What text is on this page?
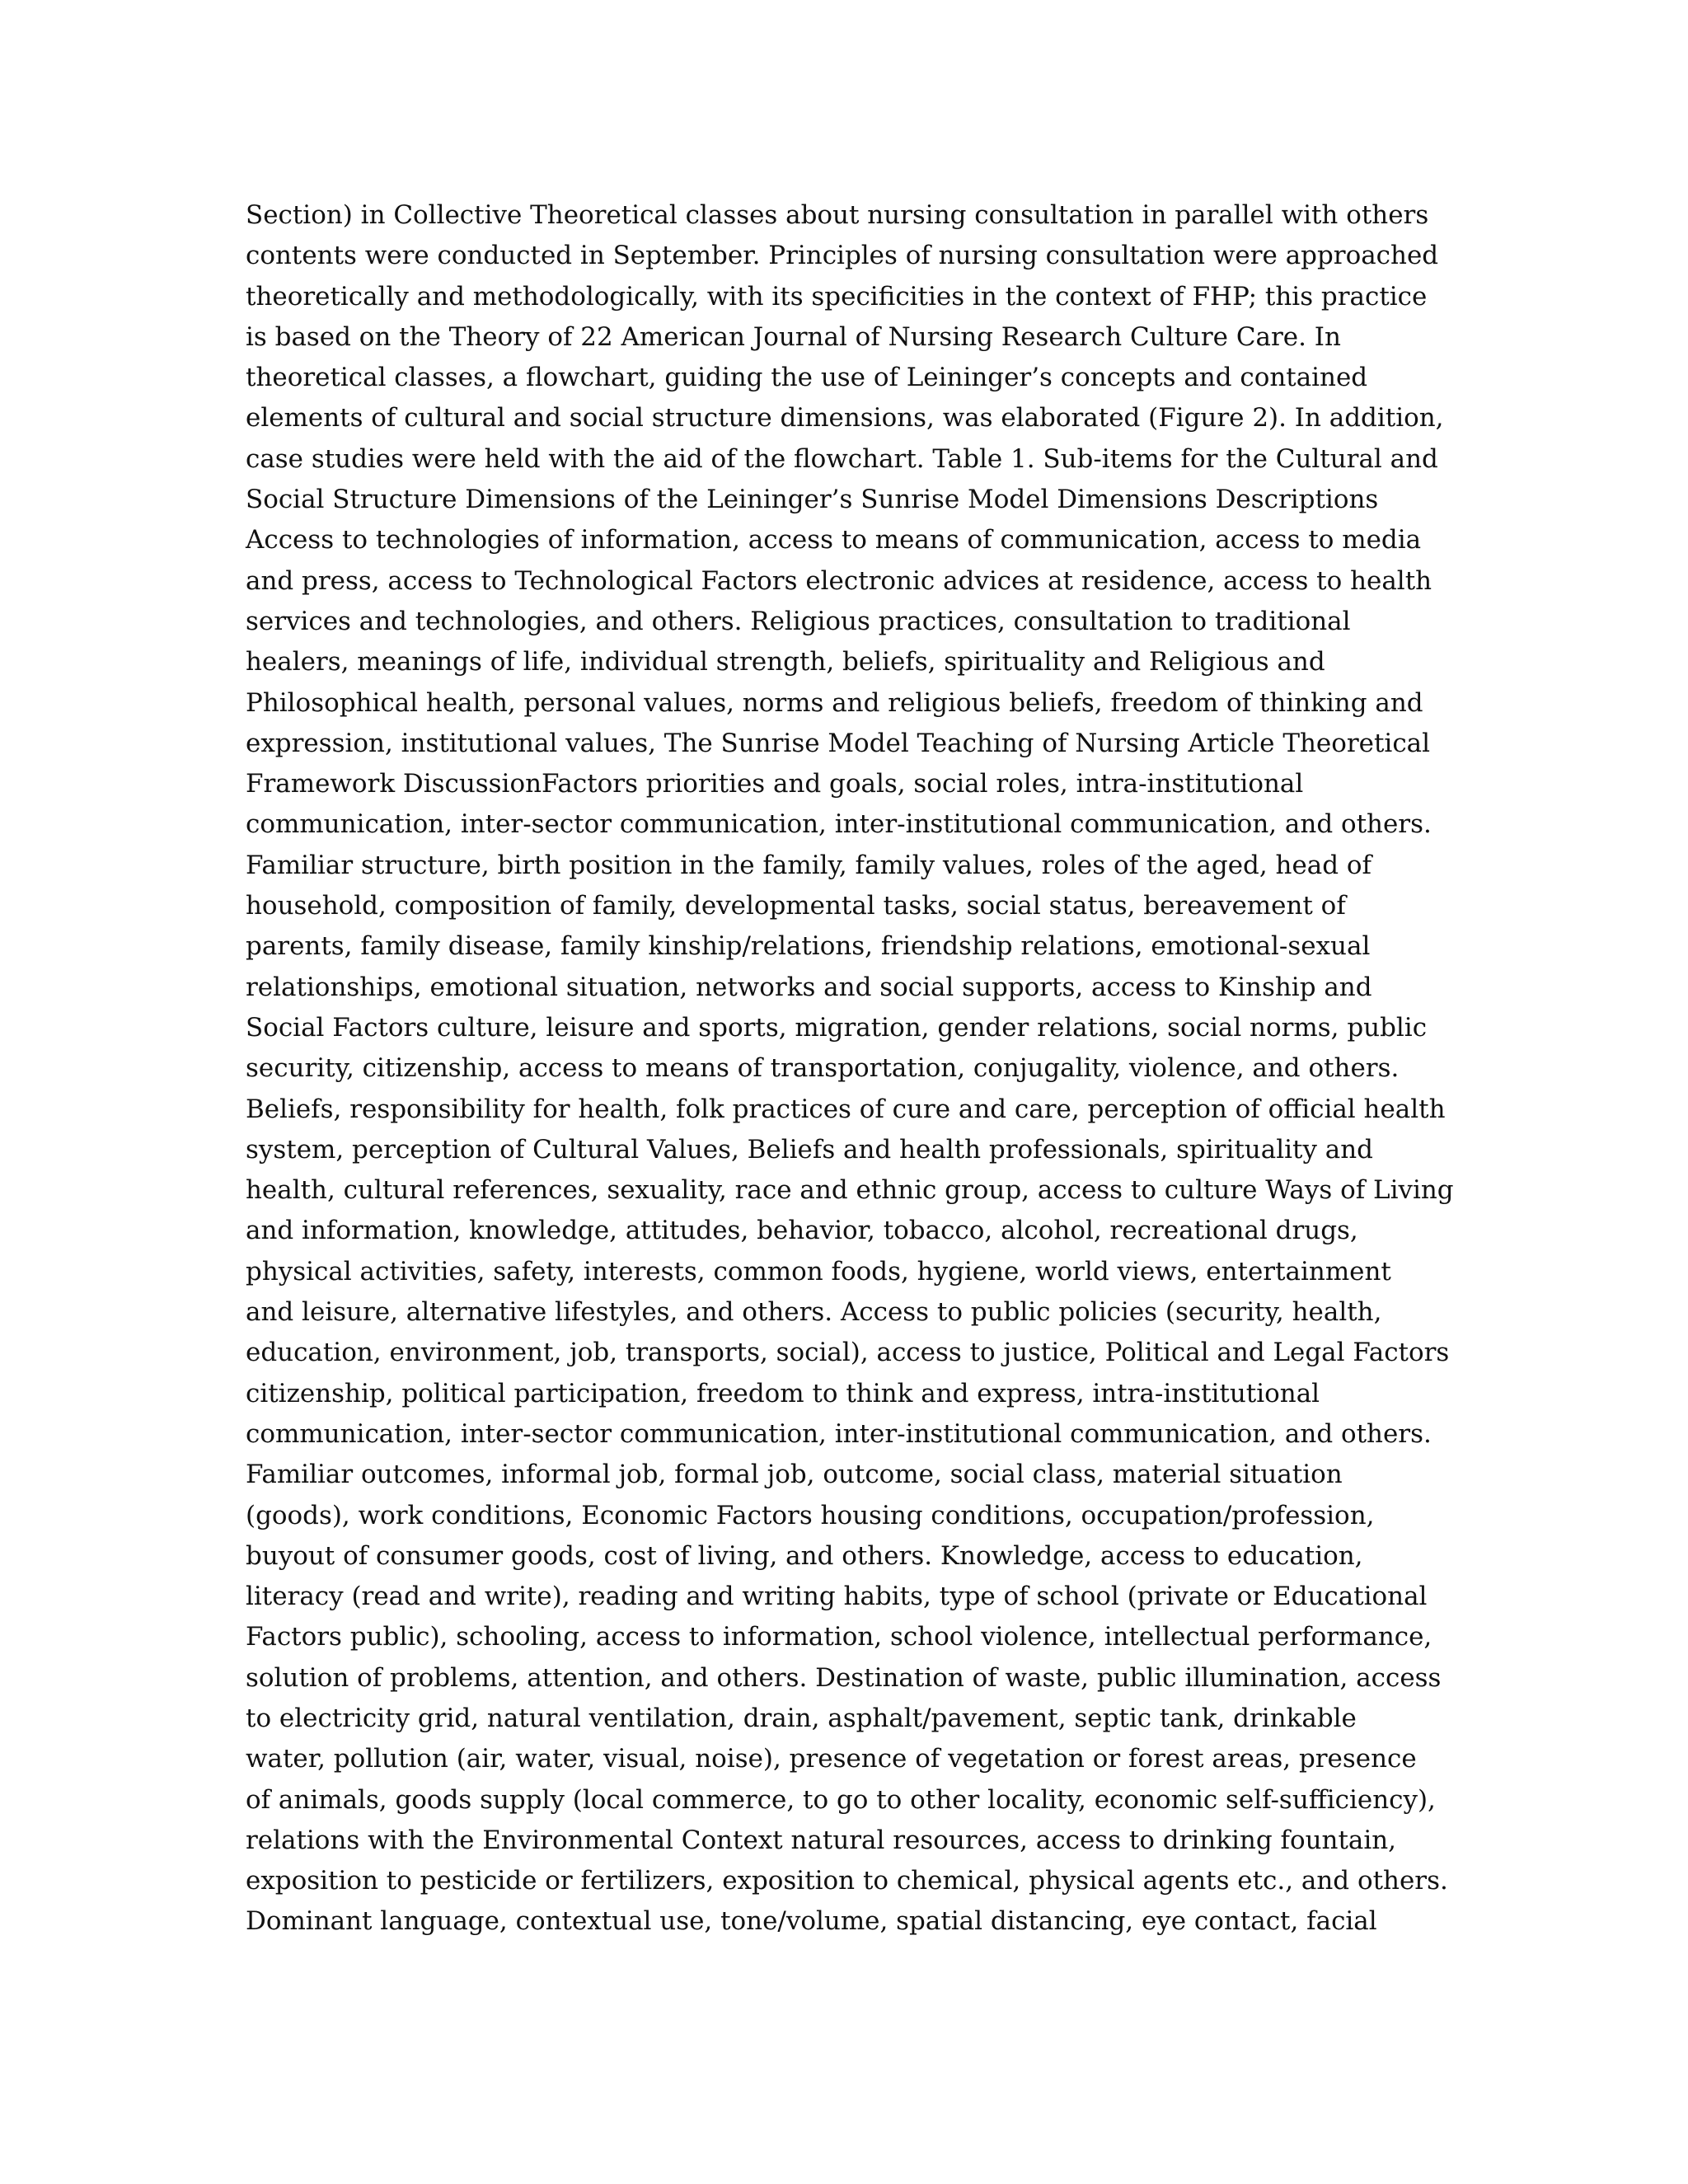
Section) in Collective Theoretical classes about nursing consultation in parallel with others
contents were conducted in September. Principles of nursing consultation were approached
theoretically and methodologically, with its specificities in the context of FHP; this practice
is based on the Theory of 22 American Journal of Nursing Research Culture Care. In
theoretical classes, a flowchart, guiding the use of Leininger’s concepts and contained
elements of cultural and social structure dimensions, was elaborated (Figure 2). In addition,
case studies were held with the aid of the flowchart. Table 1. Sub-items for the Cultural and
Social Structure Dimensions of the Leininger’s Sunrise Model Dimensions Descriptions
Access to technologies of information, access to means of communication, access to media
and press, access to Technological Factors electronic advices at residence, access to health
services and technologies, and others. Religious practices, consultation to traditional
healers, meanings of life, individual strength, beliefs, spirituality and Religious and
Philosophical health, personal values, norms and religious beliefs, freedom of thinking and
expression, institutional values, The Sunrise Model Teaching of Nursing Article Theoretical
Framework DiscussionFactors priorities and goals, social roles, intra-institutional
communication, inter-sector communication, inter-institutional communication, and others.
Familiar structure, birth position in the family, family values, roles of the aged, head of
household, composition of family, developmental tasks, social status, bereavement of
parents, family disease, family kinship/relations, friendship relations, emotional-sexual
relationships, emotional situation, networks and social supports, access to Kinship and
Social Factors culture, leisure and sports, migration, gender relations, social norms, public
security, citizenship, access to means of transportation, conjugality, violence, and others.
Beliefs, responsibility for health, folk practices of cure and care, perception of official health
system, perception of Cultural Values, Beliefs and health professionals, spirituality and
health, cultural references, sexuality, race and ethnic group, access to culture Ways of Living
and information, knowledge, attitudes, behavior, tobacco, alcohol, recreational drugs,
physical activities, safety, interests, common foods, hygiene, world views, entertainment
and leisure, alternative lifestyles, and others. Access to public policies (security, health,
education, environment, job, transports, social), access to justice, Political and Legal Factors
citizenship, political participation, freedom to think and express, intra-institutional
communication, inter-sector communication, inter-institutional communication, and others.
Familiar outcomes, informal job, formal job, outcome, social class, material situation
(goods), work conditions, Economic Factors housing conditions, occupation/profession,
buyout of consumer goods, cost of living, and others. Knowledge, access to education,
literacy (read and write), reading and writing habits, type of school (private or Educational
Factors public), schooling, access to information, school violence, intellectual performance,
solution of problems, attention, and others. Destination of waste, public illumination, access
to electricity grid, natural ventilation, drain, asphalt/pavement, septic tank, drinkable
water, pollution (air, water, visual, noise), presence of vegetation or forest areas, presence
of animals, goods supply (local commerce, to go to other locality, economic self-sufficiency),
relations with the Environmental Context natural resources, access to drinking fountain,
exposition to pesticide or fertilizers, exposition to chemical, physical agents etc., and others.
Dominant language, contextual use, tone/volume, spatial distancing, eye contact, facial
